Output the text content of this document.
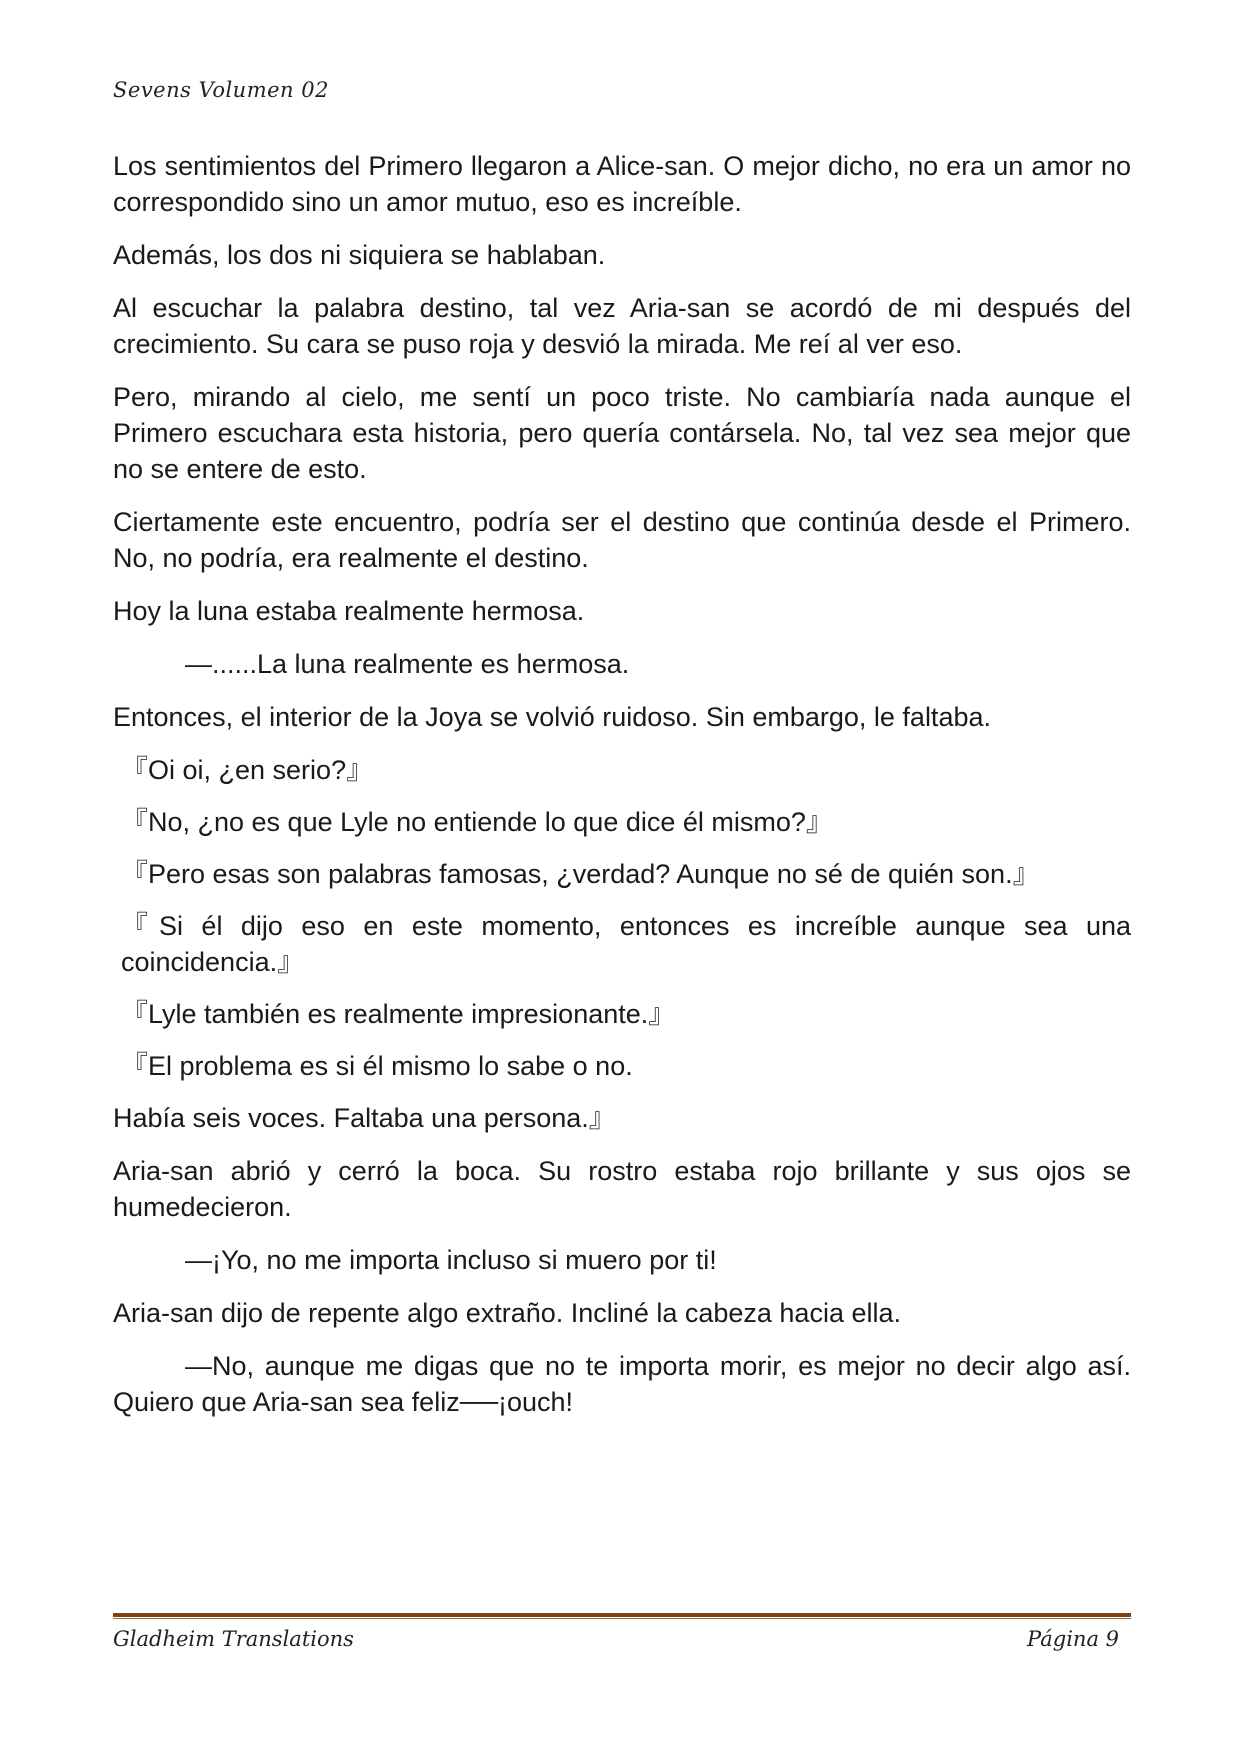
Sevens Volumen 02

Los sentimientos del Primero llegaron a Alice-san. O mejor dicho, no era un amor no correspondido sino un amor mutuo, eso es increíble.

Además, los dos ni siquiera se hablaban.

Al escuchar la palabra destino, tal vez Aria-san se acordó de mi después del crecimiento. Su cara se puso roja y desvió la mirada. Me reí al ver eso.

Pero, mirando al cielo, me sentí un poco triste. No cambiaría nada aunque el Primero escuchara esta historia, pero quería contársela. No, tal vez sea mejor que no se entere de esto.

Ciertamente este encuentro, podría ser el destino que continúa desde el Primero. No, no podría, era realmente el destino.

Hoy la luna estaba realmente hermosa.

—......La luna realmente es hermosa.

Entonces, el interior de la Joya se volvió ruidoso. Sin embargo, le faltaba.

『Oi oi, ¿en serio?』

『No, ¿no es que Lyle no entiende lo que dice él mismo?』

『Pero esas son palabras famosas, ¿verdad? Aunque no sé de quién son.』

『Si él dijo eso en este momento, entonces es increíble aunque sea una coincidencia.』

『Lyle también es realmente impresionante.』

『El problema es si él mismo lo sabe o no.

Había seis voces. Faltaba una persona.』

Aria-san abrió y cerró la boca. Su rostro estaba rojo brillante y sus ojos se humedecieron.

—¡Yo, no me importa incluso si muero por ti!

Aria-san dijo de repente algo extraño. Incliné la cabeza hacia ella.

—No, aunque me digas que no te importa morir, es mejor no decir algo así. Quiero que Aria-san sea feliz──¡ouch!

Gladheim Translations	Página 9
